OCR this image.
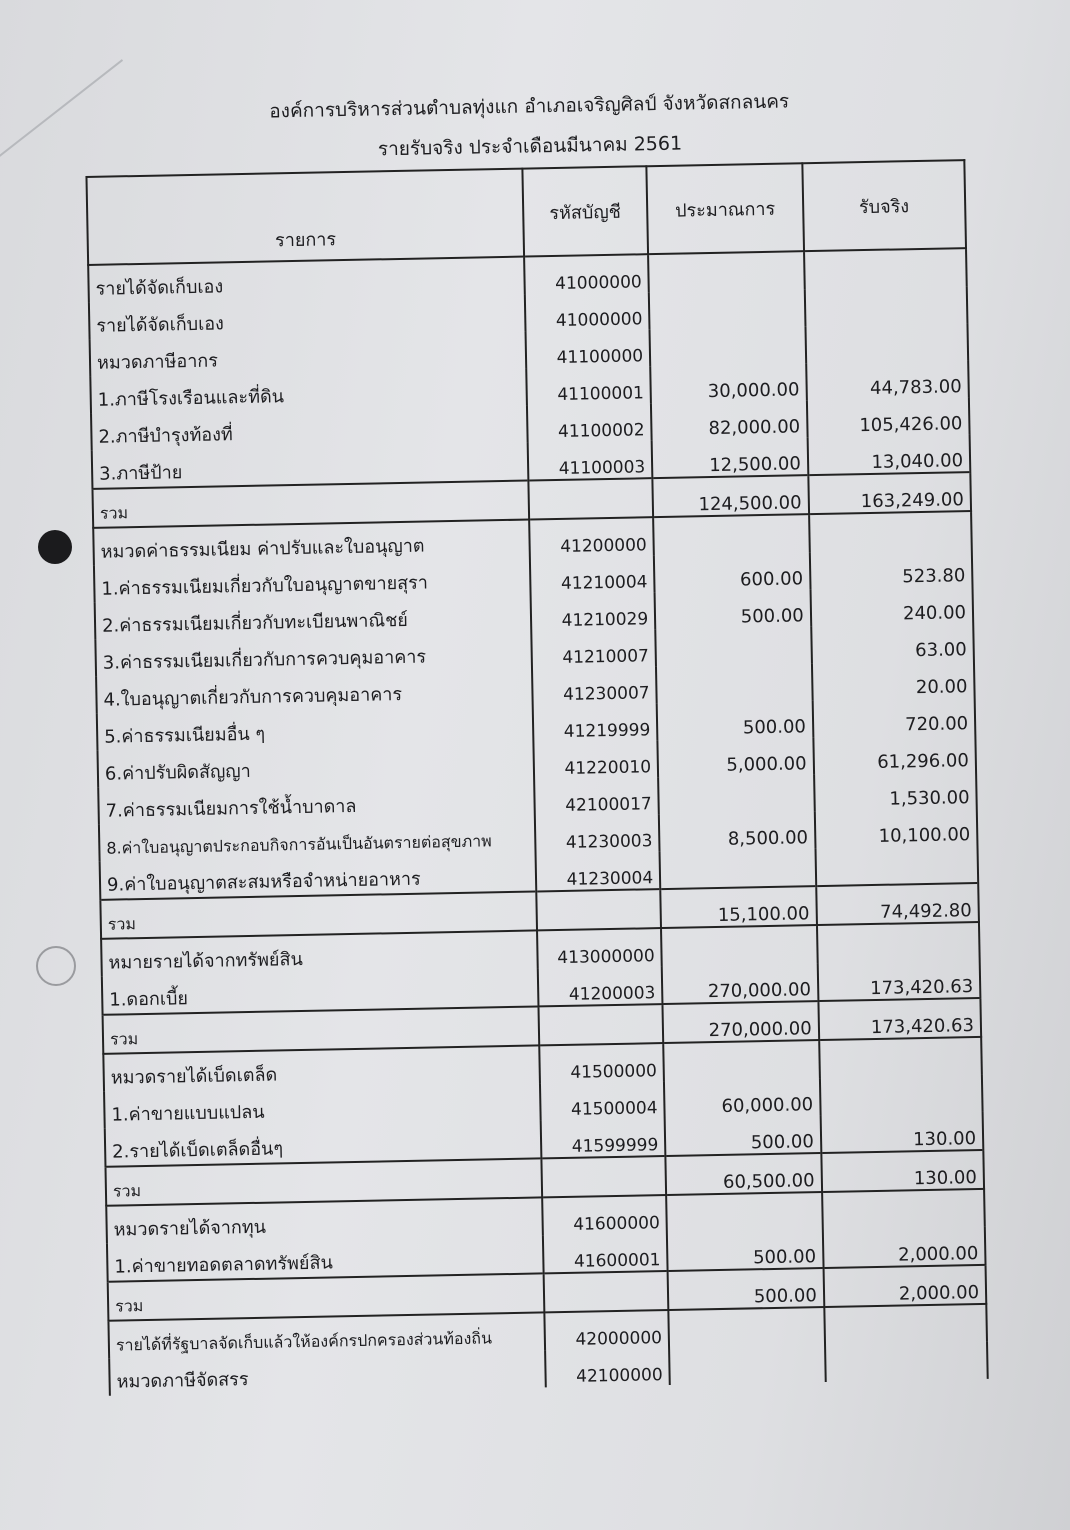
องค์การบริหารส่วนตำบลทุ่งแก อำเภอเจริญศิลป์ จังหวัดสกลนคร
รายรับจริง ประจำเดือนมีนาคม 2561
รายการ	รหัสบัญชี	ประมาณการ	รับจริง
รายได้จัดเก็บเอง	41000000		
รายได้จัดเก็บเอง	41000000		
หมวดภาษีอากร	41100000		
1.ภาษีโรงเรือนและที่ดิน	41100001	30,000.00	44,783.00
2.ภาษีบำรุงท้องที่	41100002	82,000.00	105,426.00
3.ภาษีป้าย	41100003	12,500.00	13,040.00
รวม		124,500.00	163,249.00
หมวดค่าธรรมเนียม ค่าปรับและใบอนุญาต	41200000		
1.ค่าธรรมเนียมเกี่ยวกับใบอนุญาตขายสุรา	41210004	600.00	523.80
2.ค่าธรรมเนียมเกี่ยวกับทะเบียนพาณิชย์	41210029	500.00	240.00
3.ค่าธรรมเนียมเกี่ยวกับการควบคุมอาคาร	41210007		63.00
4.ใบอนุญาตเกี่ยวกับการควบคุมอาคาร	41230007		20.00
5.ค่าธรรมเนียมอื่น ๆ	41219999	500.00	720.00
6.ค่าปรับผิดสัญญา	41220010	5,000.00	61,296.00
7.ค่าธรรมเนียมการใช้น้ำบาดาล	42100017		1,530.00
8.ค่าใบอนุญาตประกอบกิจการอันเป็นอันตรายต่อสุขภาพ	41230003	8,500.00	10,100.00
9.ค่าใบอนุญาตสะสมหรือจำหน่ายอาหาร	41230004		
รวม		15,100.00	74,492.80
หมายรายได้จากทรัพย์สิน	413000000		
1.ดอกเบี้ย	41200003	270,000.00	173,420.63
รวม		270,000.00	173,420.63
หมวดรายได้เบ็ดเตล็ด	41500000		
1.ค่าขายแบบแปลน	41500004	60,000.00	
2.รายได้เบ็ดเตล็ดอื่นๆ	41599999	500.00	130.00
รวม		60,500.00	130.00
หมวดรายได้จากทุน	41600000		
1.ค่าขายทอดตลาดทรัพย์สิน	41600001	500.00	2,000.00
รวม		500.00	2,000.00
รายได้ที่รัฐบาลจัดเก็บแล้วให้องค์กรปกครองส่วนท้องถิ่น	42000000		
หมวดภาษีจัดสรร	42100000		
